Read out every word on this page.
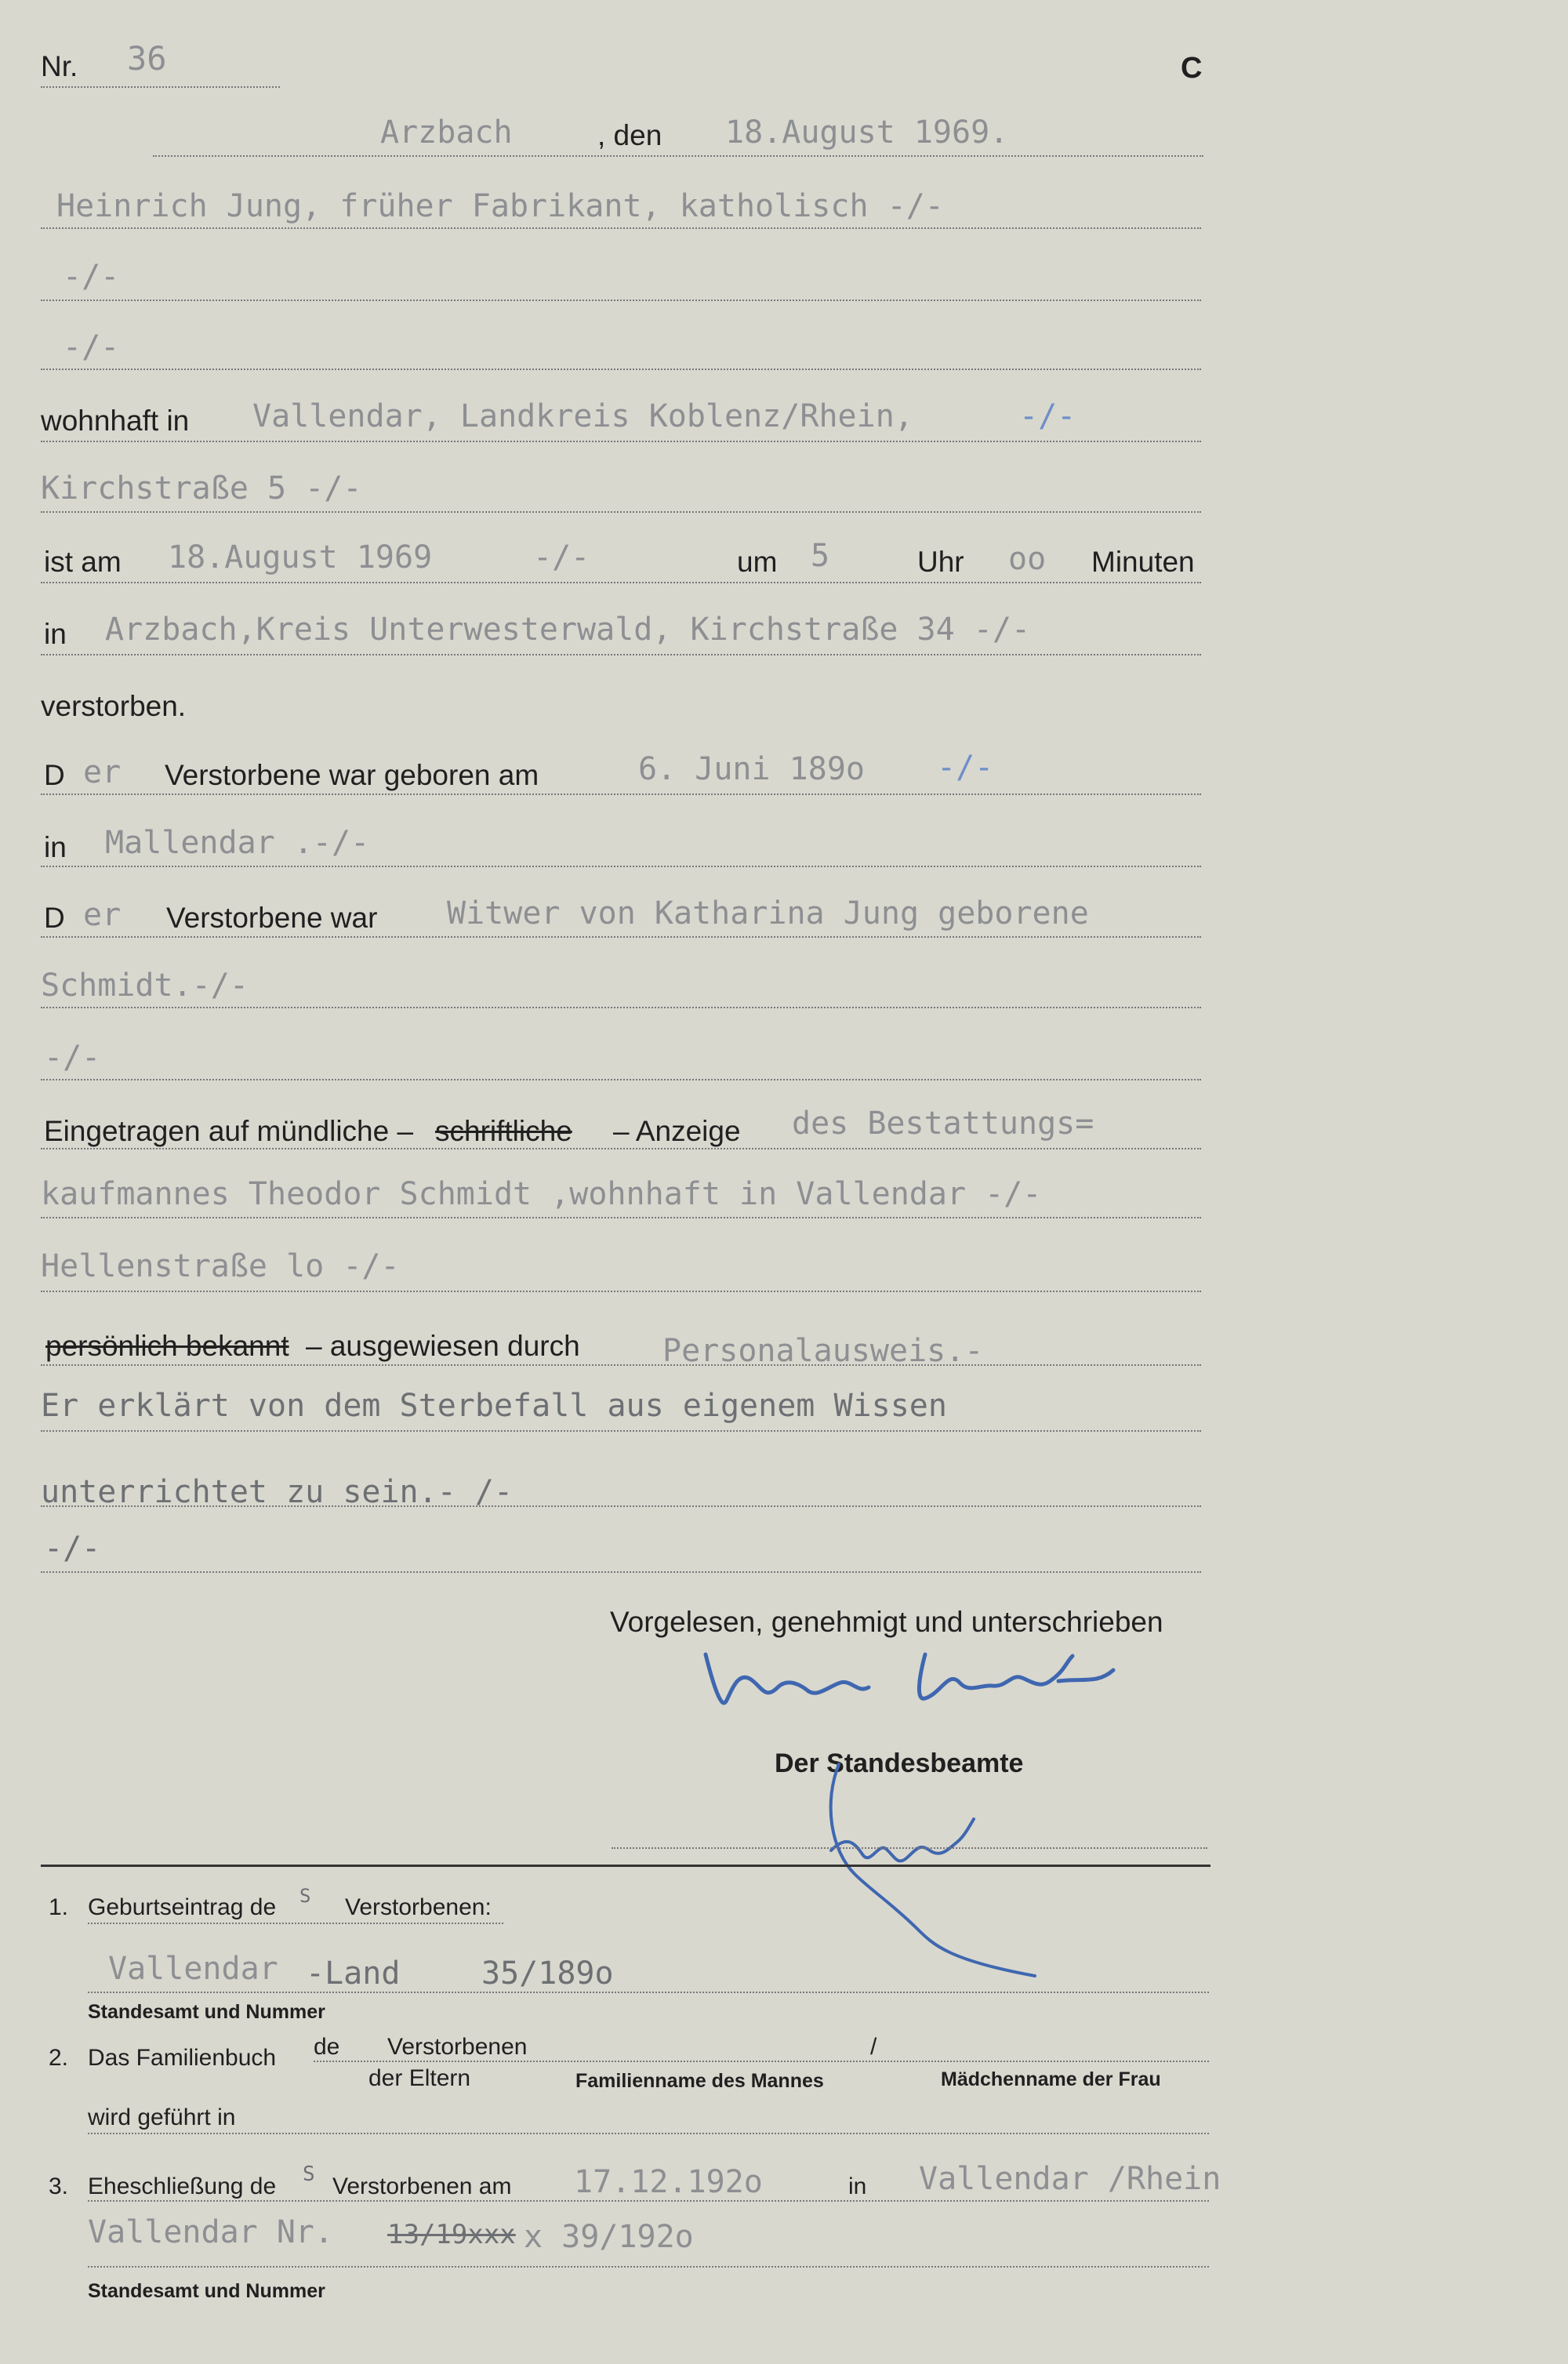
Nr. 36	C
Arzbach	, den 18.August 1969.
Heinrich Jung, früher Fabrikant, katholisch -/-
-/-
-/-
wohnhaft in Vallendar, Landkreis Koblenz/Rhein,	-/-
Kirchstraße 5 -/-
ist am 18.August 1969	-/-	um 5	Uhr oo Minuten
in Arzbach,Kreis Unterwesterwald, Kirchstraße 34 -/-
verstorben.
D er Verstorbene war geboren am	6. Juni 189o -/-
in Mallendar .-/-
D er Verstorbene war Witwer von Katharina Jung geborene
Schmidt.-/-
-/-
Eingetragen auf mündliche – schriftliche – Anzeige des Bestattungs=
kaufmannes Theodor Schmidt ,wohnhaft in Vallendar -/-
Hellenstraße lo -/-
persönlich bekannt – ausgewiesen durch	Personalausweis.-
Er erklärt von dem Sterbefall aus eigenem Wissen
unterrichtet zu sein.- /-
-/-
Vorgelesen, genehmigt und unterschrieben
Der Standesbeamte
1. Geburtseintrag de S Verstorbenen:
Vallendar -Land	35/189o
Standesamt und Nummer
2. Das Familienbuch de Verstorbenen
der Eltern
/
Familienname des Mannes	Mädchenname der Frau
wird geführt in
3. Eheschließung de S Verstorbenen am 17.12.192o	in Vallendar /Rhein
Vallendar Nr. 13/19xxx x 39/192o
Standesamt und Nummer
